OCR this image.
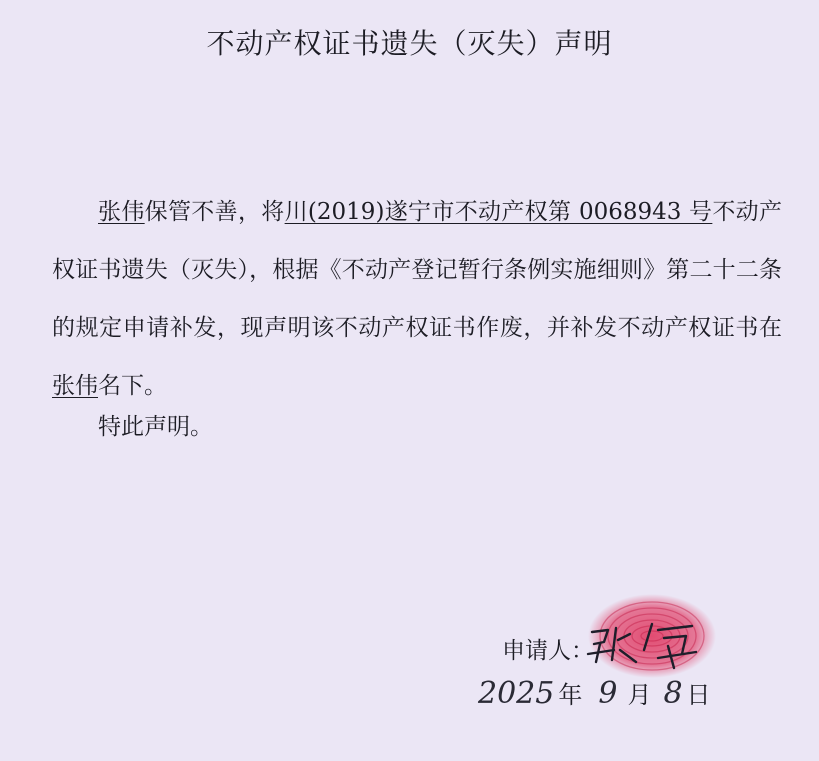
不动产权证书遗失（灭失）声明
张伟保管不善，将川(2019)遂宁市不动产权第 0068943 号不动产权证书遗失（灭失），根据《不动产登记暂行条例实施细则》第二十二条的规定申请补发，现声明该不动产权证书作废，并补发不动产权证书在张伟名下。
特此声明。
申请人：
2025 年 9 月 8 日
